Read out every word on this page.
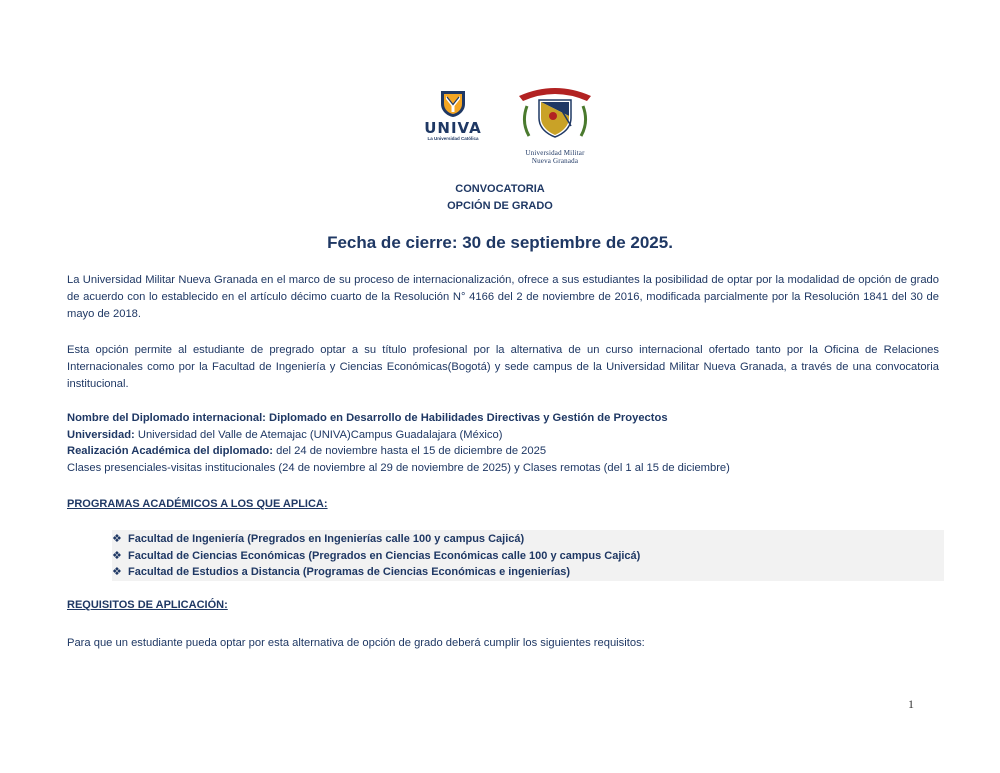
UNIVA
La Universidad Católica
Universidad Militar
Nueva Granada
CONVOCATORIA
OPCIÓN DE GRADO
Fecha de cierre: 30 de septiembre de 2025.
La Universidad Militar Nueva Granada en el marco de su proceso de internacionalización, ofrece a sus estudiantes la posibilidad de optar por la modalidad de opción de grado de acuerdo con lo establecido en el artículo décimo cuarto de la Resolución N° 4166 del 2 de noviembre de 2016, modificada parcialmente por la Resolución 1841 del 30 de mayo de 2018.
Esta opción permite al estudiante de pregrado optar a su título profesional por la alternativa de un curso internacional ofertado tanto por la Oficina de Relaciones Internacionales como por la Facultad de Ingeniería y Ciencias Económicas(Bogotá) y sede campus de la Universidad Militar Nueva Granada, a través de una convocatoria institucional.
Nombre del Diplomado internacional: Diplomado en Desarrollo de Habilidades Directivas y Gestión de Proyectos
Universidad: Universidad del Valle de Atemajac (UNIVA)Campus Guadalajara (México)
Realización Académica del diplomado: del 24 de noviembre hasta el 15 de diciembre de 2025
Clases presenciales-visitas institucionales (24 de noviembre al 29 de noviembre de 2025) y Clases remotas (del 1 al 15 de diciembre)
PROGRAMAS ACADÉMICOS A LOS QUE APLICA:
❖ Facultad de Ingeniería (Pregrados en Ingenierías calle 100 y campus Cajicá)
❖ Facultad de Ciencias Económicas (Pregrados en Ciencias Económicas calle 100 y campus Cajicá)
❖ Facultad de Estudios a Distancia (Programas de Ciencias Económicas e ingenierías)
REQUISITOS DE APLICACIÓN:
Para que un estudiante pueda optar por esta alternativa de opción de grado deberá cumplir los siguientes requisitos:
1
